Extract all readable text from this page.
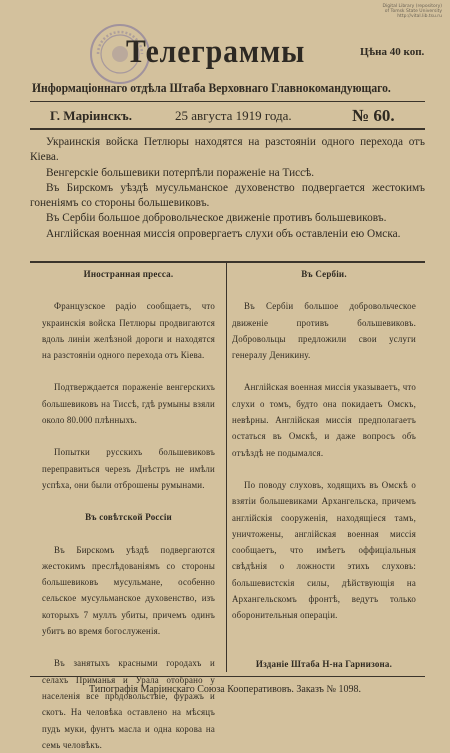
Digital Library (repository) of Tomsk State University http://vital.lib.tsu.ru
Телеграммы	Цѣна 40 коп.
Информаціоннаго отдѣла Штаба Верховнаго Главнокомандующаго.
Г. Маріинскъ.	25 августа 1919 года.	№ 60.

Украинскія войска Петлюры находятся на разстояніи одного перехода отъ Кіева.

Венгерскіе большевики потерпѣли пораженіе на Тиссѣ.

Въ Бирскомъ уѣздѣ мусульманское духовенство подвергается жестокимъ гоненіямъ со стороны большевиковъ.

Въ Сербіи большое добровольческое движеніе противъ большевиковъ.

Англійская военная миссія опровергаетъ слухи объ оставленіи ею Омска.

Иностранная пресса.

Французское радіо сообщаетъ, что украинскія войска Петлюры продвигаются вдоль линіи желѣзной дороги и находятся на разстояніи одного перехода отъ Кіева.

Подтверждается пораженіе венгерскихъ большевиковъ на Тиссѣ, гдѣ румыны взяли около 80.000 плѣнныхъ.

Попытки русскихъ большевиковъ переправиться черезъ Днѣстръ не имѣли успѣха, они были отброшены румынами.

Въ совѣтской Россіи

Въ Бирскомъ уѣздѣ подвергаются жестокимъ преслѣдованіямъ со стороны большевиковъ мусульмане, особенно сельское мусульманское духовенство, изъ которыхъ 7 муллъ убиты, причемъ одинъ убитъ во время богослуженія.

Въ занятыхъ красными городахъ и селахъ Приманья и Урала отобрано у населенія все продовольствіе, фуражъ и скотъ. На человѣка оставлено на мѣсяцъ пудъ муки, фунтъ масла и одна корова на семь человѣкъ.

Въ Сербіи.

Въ Сербіи большое добровольческое движеніе противъ большевиковъ. Добровольцы предложили свои услуги генералу Деникину.

Англійская военная миссія указываетъ, что слухи о томъ, будто она покидаетъ Омскъ, невѣрны. Англійская миссія предполагаетъ остаться въ Омскѣ, и даже вопросъ объ отъѣздѣ не подымался.

По поводу слуховъ, ходящихъ въ Омскѣ о взятіи большевиками Архангельска, причемъ англійскія сооруженія, находящіеся тамъ, уничтожены, англійская военная миссія сообщаетъ, что имѣетъ оффиціальныя свѣдѣнія о ложности этихъ слуховъ: большевистскія силы, дѣйствующія на Архангельскомъ фронтѣ, ведутъ только оборонительныя операціи.

Изданіе Штаба Н-на Гарнизона.

Типографія Маріинскаго Союза Кооперативовъ. Заказъ № 1098.
